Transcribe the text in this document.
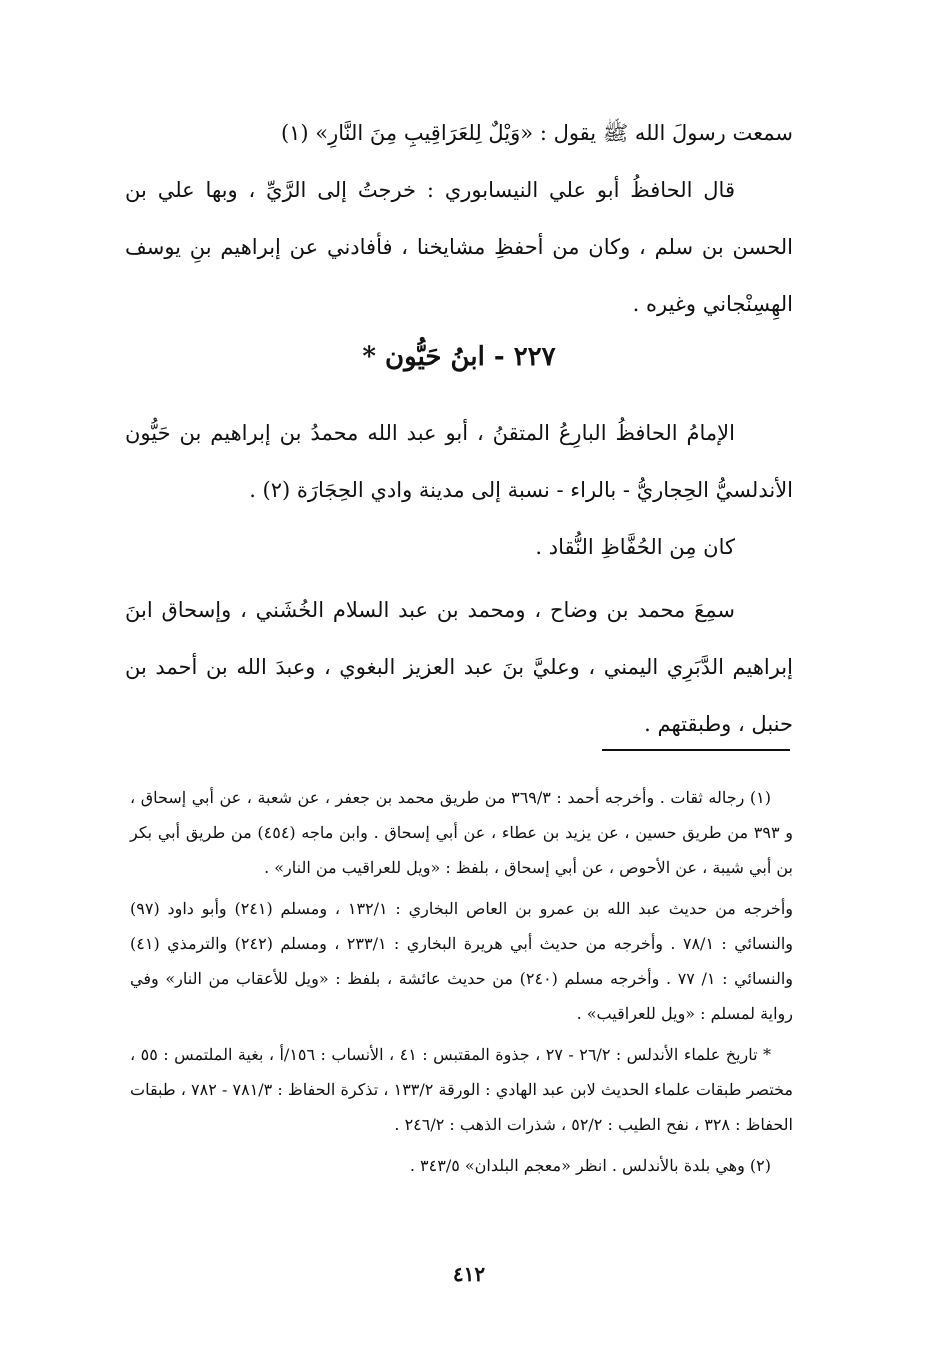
سمعت رسولَ الله ﷺ يقول : «وَيْلٌ لِلعَرَاقِيبِ مِنَ النَّارِ» (١)

قال الحافظُ أبو علي النيسابوري : خرجتُ إلى الرَّيِّ ، وبها علي بن الحسن بن سلم ، وكان من أحفظِ مشايخنا ، فأفادني عن إبراهيم بنِ يوسف الهِسِنْجاني وغيره .

٢٢٧ - ابنُ حَيُّون *

الإمامُ الحافظُ البارِعُ المتقنُ ، أبو عبد الله محمدُ بن إبراهيم بن حَيُّون الأندلسيُّ الحِجاريُّ - بالراء - نسبة إلى مدينة وادي الحِجَارَة (٢) .

كان مِن الحُفَّاظِ النُّقاد .

سمِعَ محمد بن وضاح ، ومحمد بن عبد السلام الخُشَني ، وإسحاق ابنَ إبراهيم الدَّبَرِي اليمني ، وعليَّ بنَ عبد العزيز البغوي ، وعبدَ الله بن أحمد بن حنبل ، وطبقتهم .

(١) رجاله ثقات . وأخرجه أحمد : ٣٦٩/٣ من طريق محمد بن جعفر ، عن شعبة ، عن أبي إسحاق ، و ٣٩٣ من طريق حسين ، عن يزيد بن عطاء ، عن أبي إسحاق . وابن ماجه (٤٥٤) من طريق أبي بكر بن أبي شيبة ، عن الأحوص ، عن أبي إسحاق ، بلفظ : «ويل للعراقيب من النار» .

وأخرجه من حديث عبد الله بن عمرو بن العاص البخاري : ١٣٢/١ ، ومسلم (٢٤١) وأبو داود (٩٧) والنسائي : ٧٨/١ . وأخرجه من حديث أبي هريرة البخاري : ٢٣٣/١ ، ومسلم (٢٤٢) والترمذي (٤١) والنسائي : ١/ ٧٧ . وأخرجه مسلم (٢٤٠) من حديث عائشة ، بلفظ : «ويل للأعقاب من النار» وفي رواية لمسلم : «ويل للعراقيب» .

* تاريخ علماء الأندلس : ٢٦/٢ - ٢٧ ، جذوة المقتبس : ٤١ ، الأنساب : ١٥٦/أ ، بغية الملتمس : ٥٥ ، مختصر طبقات علماء الحديث لابن عبد الهادي : الورقة ١٣٣/٢ ، تذكرة الحفاظ : ٧٨١/٣ - ٧٨٢ ، طبقات الحفاظ : ٣٢٨ ، نفح الطيب : ٥٢/٢ ، شذرات الذهب : ٢٤٦/٢ .

(٢) وهي بلدة بالأندلس . انظر «معجم البلدان» ٣٤٣/٥ .

٤١٢
